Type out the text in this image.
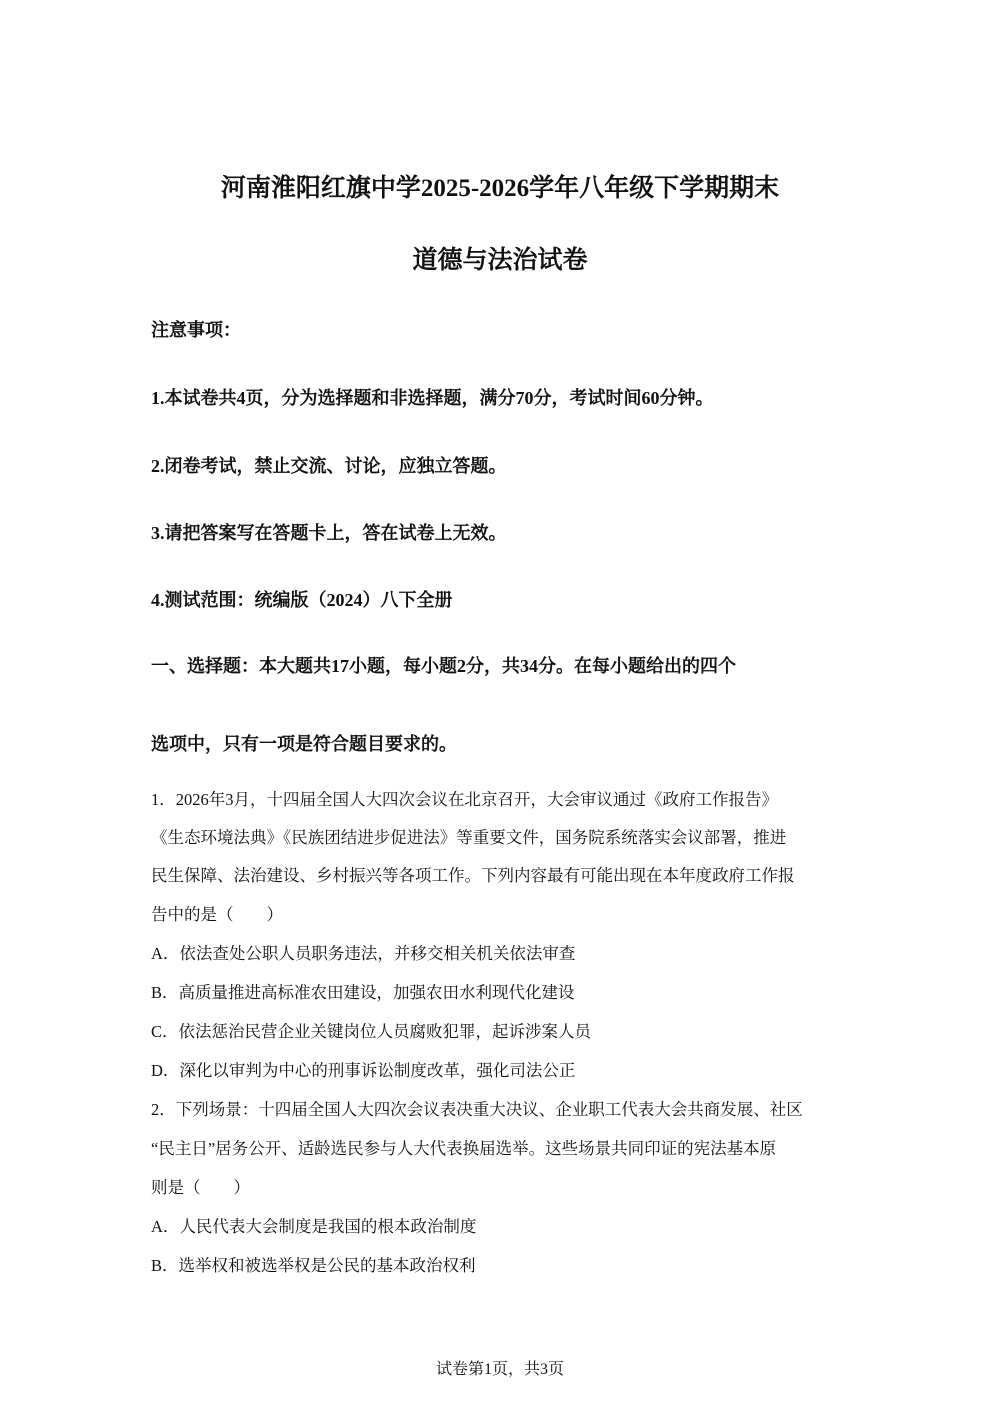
河南淮阳红旗中学2025-2026学年八年级下学期期末
道德与法治试卷
注意事项：
1.本试卷共4页，分为选择题和非选择题，满分70分，考试时间60分钟。
2.闭卷考试，禁止交流、讨论，应独立答题。
3.请把答案写在答题卡上，答在试卷上无效。
4.测试范围：统编版（2024）八下全册
一、选择题：本大题共17小题，每小题2分，共34分。在每小题给出的四个
选项中，只有一项是符合题目要求的。
1．2026年3月，十四届全国人大四次会议在北京召开，大会审议通过《政府工作报告》
《生态环境法典》《民族团结进步促进法》等重要文件，国务院系统落实会议部署，推进
民生保障、法治建设、乡村振兴等各项工作。下列内容最有可能出现在本年度政府工作报
告中的是（　　）
A．依法查处公职人员职务违法，并移交相关机关依法审查
B．高质量推进高标准农田建设，加强农田水利现代化建设
C．依法惩治民营企业关键岗位人员腐败犯罪，起诉涉案人员
D．深化以审判为中心的刑事诉讼制度改革，强化司法公正
2．下列场景：十四届全国人大四次会议表决重大决议、企业职工代表大会共商发展、社区
“民主日”居务公开、适龄选民参与人大代表换届选举。这些场景共同印证的宪法基本原
则是（　　）
A．人民代表大会制度是我国的根本政治制度
B．选举权和被选举权是公民的基本政治权利
试卷第1页，共3页
